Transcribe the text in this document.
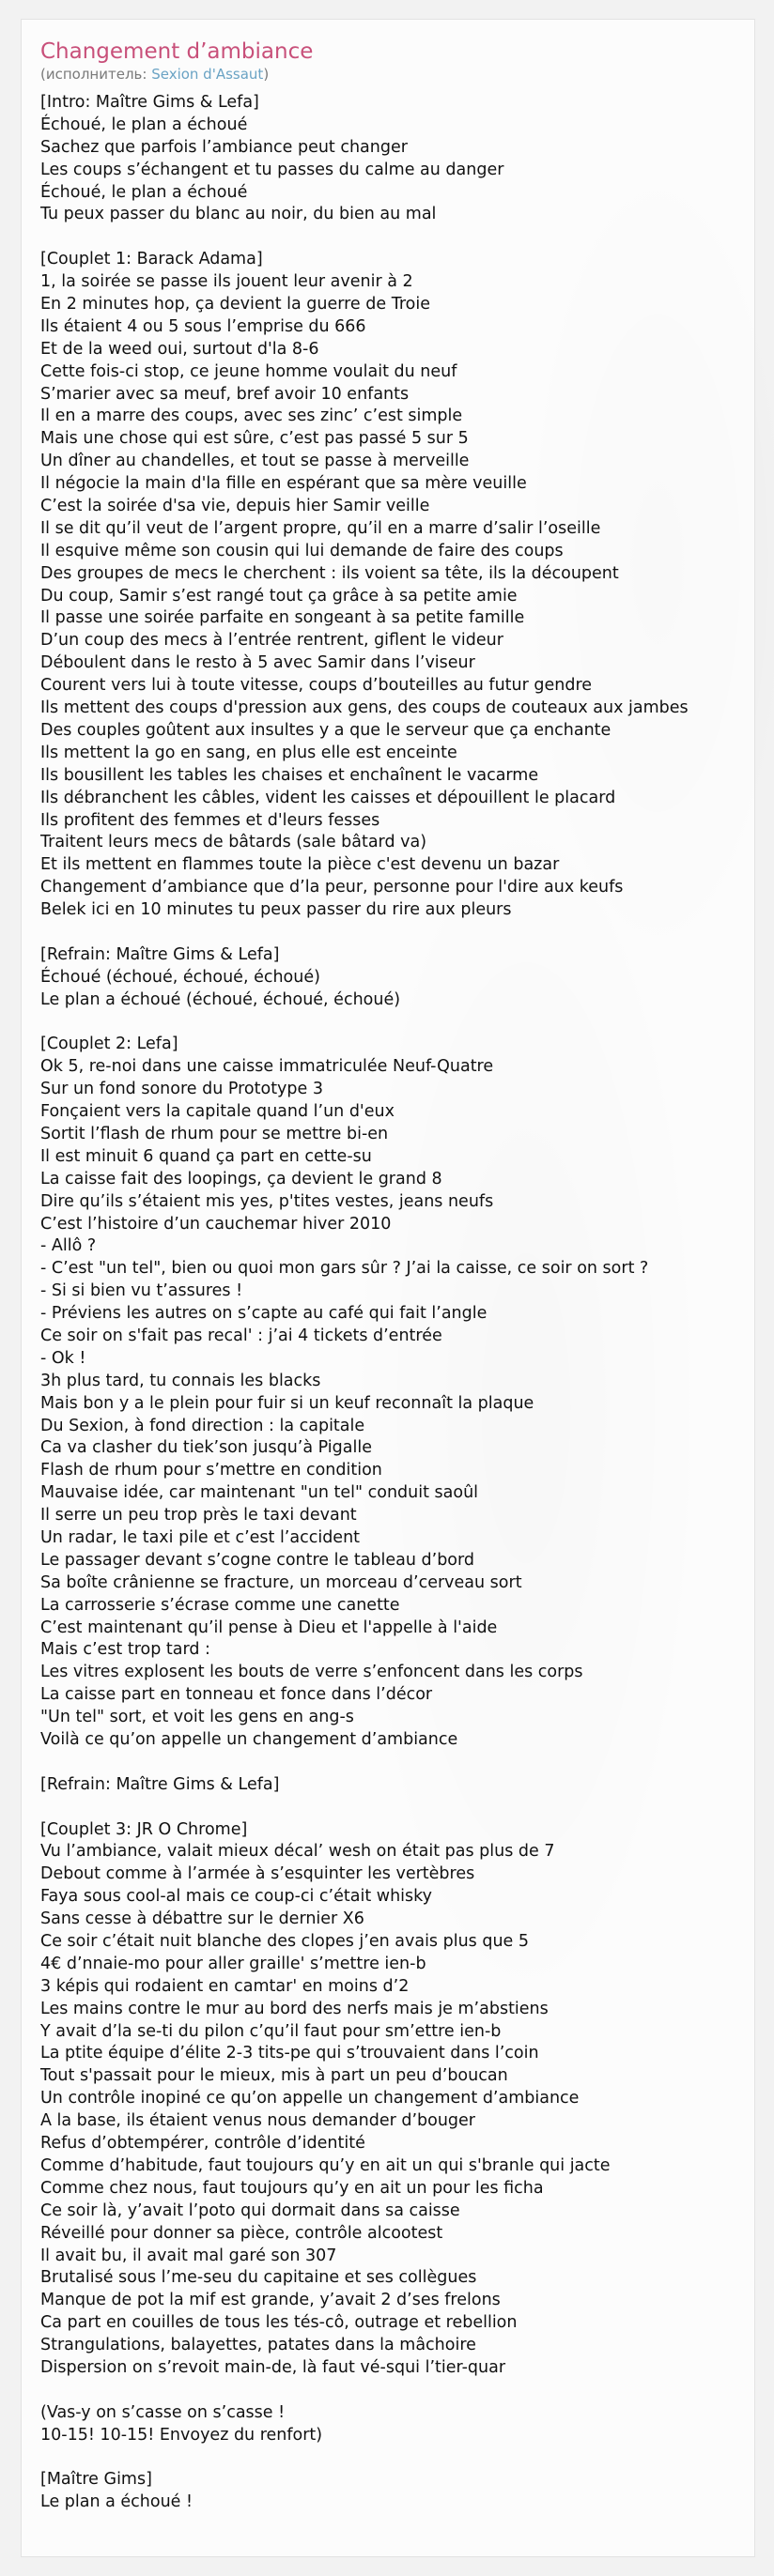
Changement d’ambiance
(исполнитель: Sexion d'Assaut)
[Intro: Maître Gims & Lefa]
Échoué, le plan a échoué
Sachez que parfois l’ambiance peut changer
Les coups s’échangent et tu passes du calme au danger
Échoué, le plan a échoué
Tu peux passer du blanc au noir, du bien au mal
[Couplet 1: Barack Adama]
1, la soirée se passe ils jouent leur avenir à 2
En 2 minutes hop, ça devient la guerre de Troie
Ils étaient 4 ou 5 sous l’emprise du 666
Et de la weed oui, surtout d'la 8-6
Cette fois-ci stop, ce jeune homme voulait du neuf
S’marier avec sa meuf, bref avoir 10 enfants
Il en a marre des coups, avec ses zinc’ c’est simple
Mais une chose qui est sûre, c’est pas passé 5 sur 5
Un dîner au chandelles, et tout se passe à merveille
Il négocie la main d'la fille en espérant que sa mère veuille
C’est la soirée d'sa vie, depuis hier Samir veille
Il se dit qu’il veut de l’argent propre, qu’il en a marre d’salir l’oseille
Il esquive même son cousin qui lui demande de faire des coups
Des groupes de mecs le cherchent : ils voient sa tête, ils la découpent
Du coup, Samir s’est rangé tout ça grâce à sa petite amie
Il passe une soirée parfaite en songeant à sa petite famille
D’un coup des mecs à l’entrée rentrent, giflent le videur
Déboulent dans le resto à 5 avec Samir dans l’viseur
Courent vers lui à toute vitesse, coups d’bouteilles au futur gendre
Ils mettent des coups d'pression aux gens, des coups de couteaux aux jambes
Des couples goûtent aux insultes y a que le serveur que ça enchante
Ils mettent la go en sang, en plus elle est enceinte
Ils bousillent les tables les chaises et enchaînent le vacarme
Ils débranchent les câbles, vident les caisses et dépouillent le placard
Ils profitent des femmes et d'leurs fesses
Traitent leurs mecs de bâtards (sale bâtard va)
Et ils mettent en flammes toute la pièce c'est devenu un bazar
Changement d’ambiance que d’la peur, personne pour l'dire aux keufs
Belek ici en 10 minutes tu peux passer du rire aux pleurs
[Refrain: Maître Gims & Lefa]
Échoué (échoué, échoué, échoué)
Le plan a échoué (échoué, échoué, échoué)
[Couplet 2: Lefa]
Ok 5, re-noi dans une caisse immatriculée Neuf-Quatre
Sur un fond sonore du Prototype 3
Fonçaient vers la capitale quand l’un d'eux
Sortit l’flash de rhum pour se mettre bi-en
Il est minuit 6 quand ça part en cette-su
La caisse fait des loopings, ça devient le grand 8
Dire qu’ils s’étaient mis yes, p'tites vestes, jeans neufs
C’est l’histoire d’un cauchemar hiver 2010
- Allô ?
- C’est "un tel", bien ou quoi mon gars sûr ? J’ai la caisse, ce soir on sort ?
- Si si bien vu t’assures !
- Préviens les autres on s’capte au café qui fait l’angle
Ce soir on s'fait pas recal' : j’ai 4 tickets d’entrée
- Ok !
3h plus tard, tu connais les blacks
Mais bon y a le plein pour fuir si un keuf reconnaît la plaque
Du Sexion, à fond direction : la capitale
Ca va clasher du tiek’son jusqu’à Pigalle
Flash de rhum pour s’mettre en condition
Mauvaise idée, car maintenant "un tel" conduit saoûl
Il serre un peu trop près le taxi devant
Un radar, le taxi pile et c’est l’accident
Le passager devant s’cogne contre le tableau d’bord
Sa boîte crânienne se fracture, un morceau d’cerveau sort
La carrosserie s’écrase comme une canette
C’est maintenant qu’il pense à Dieu et l'appelle à l'aide
Mais c’est trop tard :
Les vitres explosent les bouts de verre s’enfoncent dans les corps
La caisse part en tonneau et fonce dans l’décor
"Un tel" sort, et voit les gens en ang-s
Voilà ce qu’on appelle un changement d’ambiance
[Refrain: Maître Gims & Lefa]
[Couplet 3: JR O Chrome]
Vu l’ambiance, valait mieux décal’ wesh on était pas plus de 7
Debout comme à l’armée à s’esquinter les vertèbres
Faya sous cool-al mais ce coup-ci c’était whisky
Sans cesse à débattre sur le dernier X6
Ce soir c’était nuit blanche des clopes j’en avais plus que 5
4€ d’nnaie-mo pour aller graille' s’mettre ien-b
3 képis qui rodaient en camtar' en moins d’2
Les mains contre le mur au bord des nerfs mais je m’abstiens
Y avait d’la se-ti du pilon c’qu’il faut pour sm’ettre ien-b
La ptite équipe d’élite 2-3 tits-pe qui s’trouvaient dans l’coin
Tout s'passait pour le mieux, mis à part un peu d’boucan
Un contrôle inopiné ce qu’on appelle un changement d’ambiance
A la base, ils étaient venus nous demander d’bouger
Refus d’obtempérer, contrôle d’identité
Comme d’habitude, faut toujours qu’y en ait un qui s'branle qui jacte
Comme chez nous, faut toujours qu’y en ait un pour les ficha
Ce soir là, y’avait l’poto qui dormait dans sa caisse
Réveillé pour donner sa pièce, contrôle alcootest
Il avait bu, il avait mal garé son 307
Brutalisé sous l’me-seu du capitaine et ses collègues
Manque de pot la mif est grande, y’avait 2 d’ses frelons
Ca part en couilles de tous les tés-cô, outrage et rebellion
Strangulations, balayettes, patates dans la mâchoire
Dispersion on s’revoit main-de, là faut vé-squi l’tier-quar
(Vas-y on s’casse on s’casse !
10-15! 10-15! Envoyez du renfort)
[Maître Gims]
Le plan a échoué !
